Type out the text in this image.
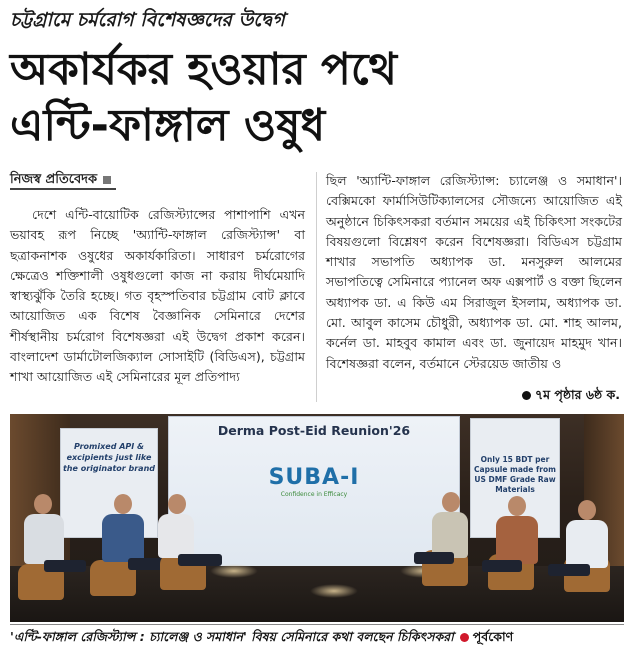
চট্টগ্রামে চর্মরোগ বিশেষজ্ঞদের উদ্বেগ
অকার্যকর হওয়ার পথে
এন্টি-ফাঙ্গাল ওষুধ
নিজস্ব প্রতিবেদক
দেশে এন্টি-বায়োটিক রেজিস্ট্যান্সের পাশাপাশি এখন ভয়াবহ রূপ নিচ্ছে 'অ্যান্টি-ফাঙ্গাল রেজিস্ট্যান্স' বা ছত্রাকনাশক ওষুধের অকার্যকারিতা। সাধারণ চর্মরোগের ক্ষেত্রেও শক্তিশালী ওষুধগুলো কাজ না করায় দীর্ঘমেয়াদি স্বাস্থ্যঝুঁকি তৈরি হচ্ছে। গত বৃহস্পতিবার চট্টগ্রাম বোট ক্লাবে আয়োজিত এক বিশেষ বৈজ্ঞানিক সেমিনারে দেশের শীর্ষস্থানীয় চর্মরোগ বিশেষজ্ঞরা এই উদ্বেগ প্রকাশ করেন। বাংলাদেশ ডার্মাটোলজিক্যাল সোসাইটি (বিডিএস), চট্টগ্রাম শাখা আয়োজিত এই সেমিনারের মূল প্রতিপাদ্য
ছিল 'অ্যান্টি-ফাঙ্গাল রেজিস্ট্যান্স: চ্যালেঞ্জ ও সমাধান'। বেক্সিমকো ফার্মাসিউটিক্যালসের সৌজন্যে আয়োজিত এই অনুষ্ঠানে চিকিৎসকরা বর্তমান সময়ের এই চিকিৎসা সংকটের বিষয়গুলো বিশ্লেষণ করেন বিশেষজ্ঞরা। বিডিএস চট্টগ্রাম শাখার সভাপতি অধ্যাপক ডা. মনসুরুল আলমের সভাপতিত্বে সেমিনারে প্যানেল অফ এক্সপার্ট ও বক্তা ছিলেন অধ্যাপক ডা. এ কিউ এম সিরাজুল ইসলাম, অধ্যাপক ডা. মো. আবুল কাসেম চৌধুরী, অধ্যাপক ডা. মো. শাহ আলম, কর্নেল ডা. মাহবুব কামাল এবং ডা. জুনায়েদ মাহমুদ খান। বিশেষজ্ঞরা বলেন, বর্তমানে স্টেরয়েড জাতীয় ও
৭ম পৃষ্ঠার ৬ষ্ঠ ক.
Promixed API & excipients just like the originator brand
Derma Post-Eid Reunion'26
SUBA-I
Confidence in Efficacy
Only 15 BDT per Capsule made from US DMF Grade Raw Materials
'এন্টি-ফাঙ্গাল রেজিস্ট্যান্স : চ্যালেঞ্জ ও সমাধান' বিষয় সেমিনারে কথা বলছেন চিকিৎসকরা পূর্বকোণ
